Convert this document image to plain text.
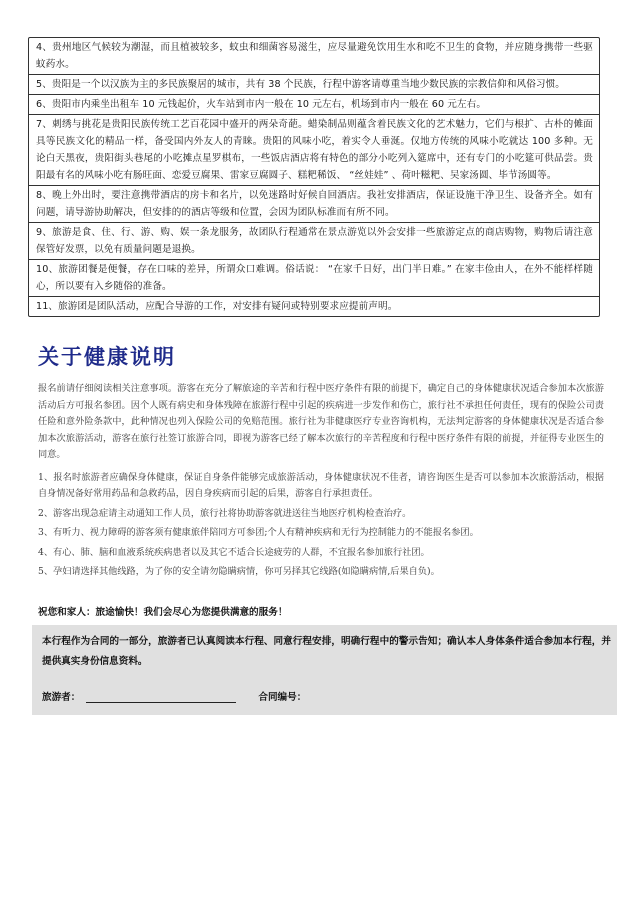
4、贵州地区气候较为潮湿，而且植被较多，蚊虫和细菌容易滋生，应尽量避免饮用生水和吃不卫生的食物，并应随身携带一些驱蚊药水。
5、贵阳是一个以汉族为主的多民族聚居的城市，共有 38 个民族，行程中游客请尊重当地少数民族的宗教信仰和风俗习惯。
6、贵阳市内乘坐出租车 10 元钱起价，火车站到市内一般在 10 元左右，机场到市内一般在 60 元左右。
7、刺绣与挑花是贵阳民族传统工艺百花园中盛开的两朵奇葩。蜡染制品则蕴含着民族文化的艺术魅力，它们与根扩、古朴的傩面具等民族文化的精品一样，备受国内外友人的青睐。贵阳的风味小吃，着实令人垂涎。仅地方传统的风味小吃就达 100 多种。无论白天黑夜，贵阳街头巷尾的小吃摊点星罗棋布，一些饭店酒店将有特色的部分小吃列入筵席中，还有专门的小吃筵可供品尝。贵阳最有名的风味小吃有肠旺面、恋爱豆腐果、雷家豆腐圆子、糕粑稀饭、 “丝娃娃” 、荷叶糍粑、吴家汤圆、毕节汤圆等。
8、晚上外出时，要注意携带酒店的房卡和名片，以免迷路时好候自回酒店。我社安排酒店，保证设施干净卫生、设备齐全。如有问题，请导游协助解决，但安排的的酒店等级和位置，会因为团队标准而有所不同。
9、旅游是食、住、行、游、购、娱一条龙服务，故团队行程通常在景点游览以外会安排一些旅游定点的商店购物，购物后请注意保管好发票，以免有质量问题是退换。
10、旅游团餐是便餐，存在口味的差异，所谓众口难调。俗话说： “在家千日好，出门半日难。” 在家丰俭由人，在外不能样样随心，所以要有入乡随俗的准备。
11、旅游团是团队活动，应配合导游的工作，对安排有疑问或特别要求应提前声明。
关于健康说明

报名前请仔细阅读相关注意事项。游客在充分了解旅途的辛苦和行程中医疗条件有限的前提下，确定自己的身体健康状况适合参加本次旅游活动后方可报名参团。因个人既有病史和身体残障在旅游行程中引起的疾病进一步发作和伤亡，旅行社不承担任何责任，现有的保险公司责任险和意外险条款中，此种情况也列入保险公司的免赔范围。旅行社为非健康医疗专业咨询机构，无法判定游客的身体健康状况是否适合参加本次旅游活动，游客在旅行社签订旅游合同，即视为游客已经了解本次旅行的辛苦程度和行程中医疗条件有限的前提，并征得专业医生的同意。

1、报名时旅游者应确保身体健康，保证自身条件能够完成旅游活动，身体健康状况不佳者，请咨询医生是否可以参加本次旅游活动，根据自身情况备好常用药品和急救药品，因自身疾病而引起的后果，游客自行承担责任。

2、游客出现急症请主动通知工作人员，旅行社将协助游客就进送往当地医疗机构检查治疗。

3、有听力、视力障碍的游客须有健康旅伴陪同方可参团;个人有精神疾病和无行为控制能力的不能报名参团。

4、有心、肺、脑和血液系统疾病患者以及其它不适合长途疲劳的人群，不宜报名参加旅行社团。

5、孕妇请选择其他线路，为了你的安全请勿隐瞒病情，你可另择其它线路(如隐瞒病情,后果自负)。

祝您和家人：旅途愉快！我们会尽心为您提供满意的服务！

本行程作为合同的一部分，旅游者已认真阅读本行程、同意行程安排，明确行程中的警示告知；确认本人身体条件适合参加本行程，并提供真实身份信息资料。
旅游者：	合同编号：
